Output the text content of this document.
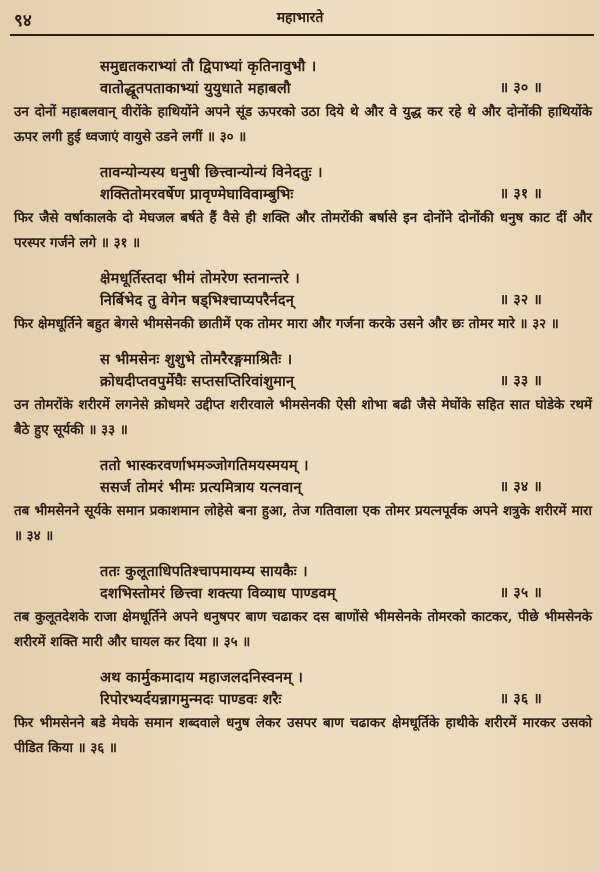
९४	महाभारते
समुद्यतकराभ्यां तौ द्विपाभ्यां कृतिनावुभौ ।
वातोद्धूतपताकाभ्यां युयुधाते महाबलौ	॥ ३० ॥
उन दोनों महाबलवान् वीरोंके हाथियोंने अपने सूंड ऊपरको उठा दिये थे और वे युद्ध कर रहे थे और दोनोंकी हाथियोंके ऊपर लगी हुई ध्वजाएं वायुसे उडने लगीं ॥ ३० ॥
तावन्योन्यस्य धनुषी छित्त्वान्योन्यं विनेदतुः ।
शक्तितोमरवर्षेण प्रावृण्मेघाविवाम्बुभिः	॥ ३१ ॥
फिर जैसे वर्षाकालके दो मेघजल बर्षते हैं वैसे ही शक्ति और तोमरोंकी बर्षासे इन दोनोंने दोनोंकी धनुष काट दीं और परस्पर गर्जने लगे ॥ ३१ ॥
क्षेमधूर्तिस्तदा भीमं तोमरेण स्तनान्तरे ।
निर्बिभेद तु वेगेन षड्भिश्चाप्यपरैर्नदन्	॥ ३२ ॥
फिर क्षेमधूर्तिने बहुत बेगसे भीमसेनकी छातीमें एक तोमर मारा और गर्जना करके उसने और छः तोमर मारे ॥ ३२ ॥
स भीमसेनः शुशुभे तोमरैरङ्गमाश्रितैः ।
क्रोधदीप्तवपुर्मेघैः सप्तसप्तिरिवांशुमान्	॥ ३३ ॥
उन तोमरोंके शरीरमें लगनेसे क्रोधमरे उद्दीप्त शरीरवाले भीमसेनकी ऐसी शोभा बढी जैसे मेघोंके सहित सात घोडेके रथमें बैठे हुए सूर्यकी ॥ ३३ ॥
ततो भास्करवर्णाभमञ्जोगतिमयस्मयम् ।
ससर्ज तोमरं भीमः प्रत्यमित्राय यत्नवान्	॥ ३४ ॥
तब भीमसेनने सूर्यके समान प्रकाशमान लोहेसे बना हुआ, तेज गतिवाला एक तोमर प्रयत्नपूर्वक अपने शत्रुके शरीरमें मारा ॥ ३४ ॥
ततः कुलूताधिपतिश्चापमायम्य सायकैः ।
दशभिस्तोमरं छित्त्वा शक्त्या विव्याध पाण्डवम्	॥ ३५ ॥
तब कुलूतदेशके राजा क्षेमधूर्तिने अपने धनुषपर बाण चढाकर दस बाणोंसे भीमसेनके तोमरको काटकर, पीछे भीमसेनके शरीरमें शक्ति मारी और घायल कर दिया ॥ ३५ ॥
अथ कार्मुकमादाय महाजलदनिस्वनम् ।
रिपोरभ्यर्दयन्नागमुन्मदः पाण्डवः शरैः	॥ ३६ ॥
फिर भीमसेनने बडे मेघके समान शब्दवाले धनुष लेकर उसपर बाण चढाकर क्षेमधूर्तिके हाथीके शरीरमें मारकर उसको पीडित किया ॥ ३६ ॥
